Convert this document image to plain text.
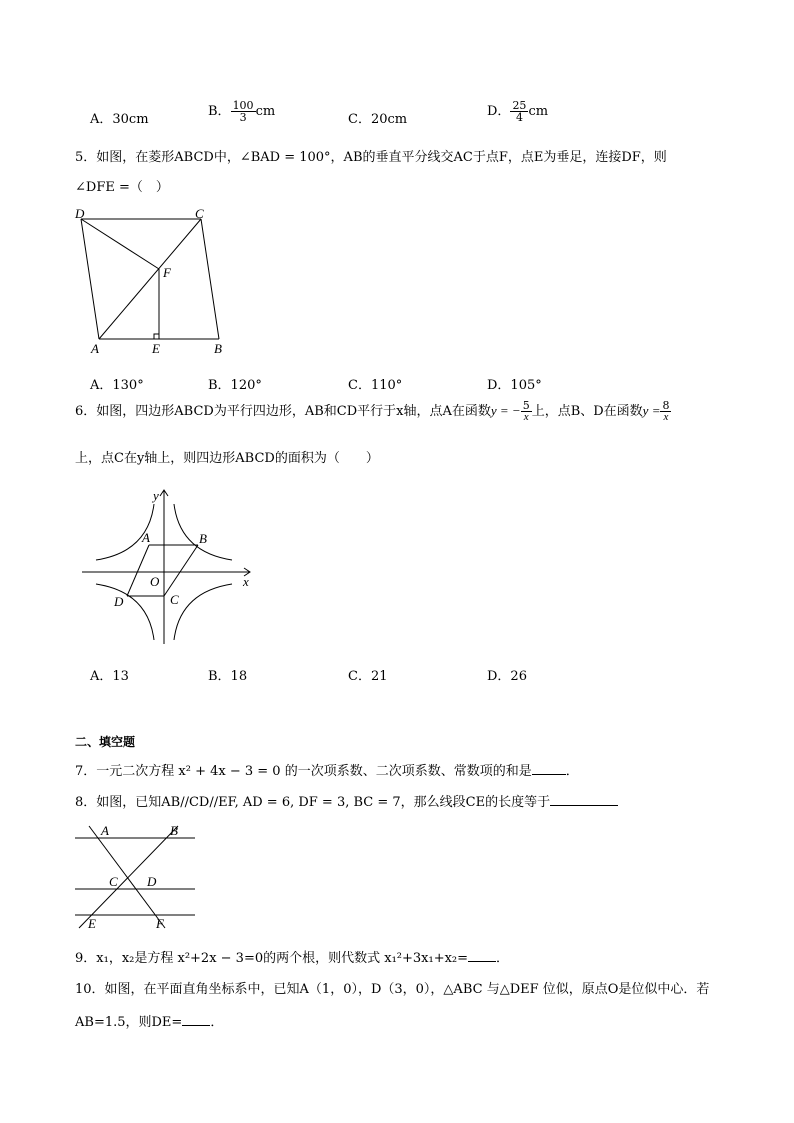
A．30cm
B． $\frac{100}{3}$ cm
C．20cm
D． $\frac{25}{4}$ cm
5．如图，在菱形ABCD中，∠BAD = 100°，AB的垂直平分线交AC于点F，点E为垂足，连接DF，则
∠DFE =（　）
D	C
F
A	E	B
A．130°	B．120°	C．110°	D．105°
6．如图，四边形ABCD为平行四边形，AB和CD平行于x轴，点A在函数y = − $\frac{5}{x}$ 上，点B、D在函数$y = \frac{8}{x}$
上，点C在y轴上，则四边形ABCD的面积为（　　）
y
x
A	B
O
D	C
A．13	B．18	C．21	D．26
二、填空题
7．一元二次方程 x² + 4x − 3 = 0 的一次项系数、二次项系数、常数项的和是	．
8．如图，已知AB//CD//EF, AD = 6, DF = 3, BC = 7，那么线段CE的长度等于
A	B
C D
E	F
9．x₁，x₂是方程 x²+2x − 3=0的两个根，则代数式 x₁²+3x₁+x₂= ．
10．如图，在平面直角坐标系中，已知A（1，0），D（3，0），△ABC 与△DEF 位似，原点O是位似中心．若
AB=1.5，则DE= ．
